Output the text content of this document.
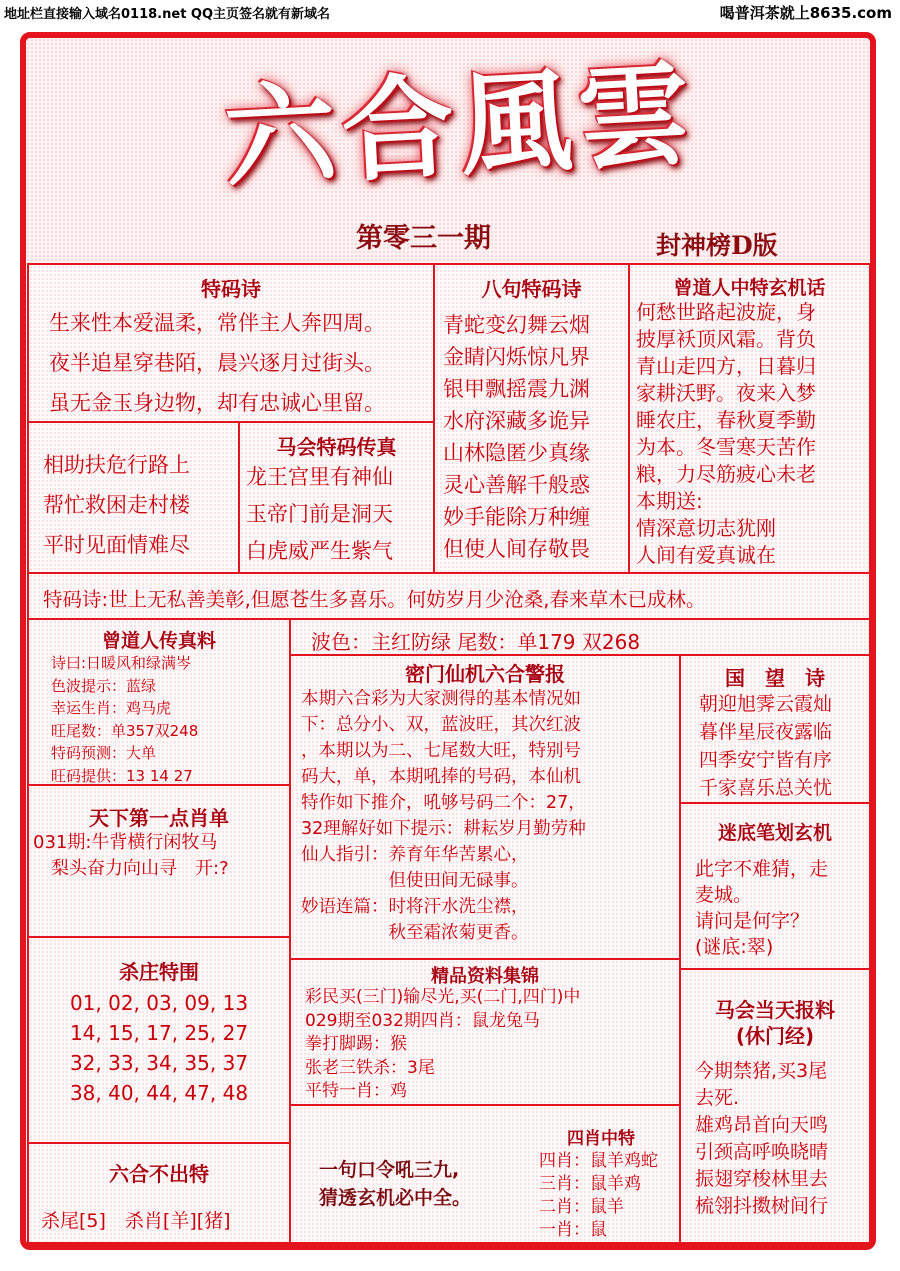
地址栏直接输入域名0118.net QQ主页签名就有新域名	喝普洱茶就上8635.com
六合風雲
第零三一期	封神榜D版
特码诗

生来性本爱温柔，常伴主人奔四周。

夜半追星穿巷陌，晨兴逐月过街头。

虽无金玉身边物，却有忠诚心里留。

相助扶危行路上

帮忙救困走村楼

平时见面情难尽

马会特码传真

龙王宫里有神仙

玉帝门前是洞天

白虎威严生紫气

八句特码诗

青蛇变幻舞云烟

金睛闪烁惊凡界

银甲飘摇震九渊

水府深藏多诡异

山林隐匿少真缘

灵心善解千般惑

妙手能除万种缠

但使人间存敬畏

曾道人中特玄机话

何愁世路起波旋，身

披厚袄顶风霜。背负

青山走四方，日暮归

家耕沃野。夜来入梦

睡农庄，春秋夏季勤

为本。冬雪寒天苦作

粮，力尽筋疲心未老

本期送:

情深意切志犹刚

人间有爱真诚在

特码诗:世上无私善美彰,但愿苍生多喜乐。何妨岁月少沧桑,春来草木已成林。
曾道人传真料

诗曰:日暖风和绿满岑

色波提示：蓝绿

幸运生肖：鸡马虎

旺尾数：单357双248

特码预测：大单

旺码提供：13 14 27

波色：主红防绿 尾数：单179 双268
密门仙机六合警报

本期六合彩为大家测得的基本情况如

下：总分小、双，蓝波旺，其次红波

，本期以为二、七尾数大旺，特别号

码大，单，本期吼捧的号码，本仙机

特作如下推介，吼够号码二个：27，

32理解好如下提示：耕耘岁月勤劳种

仙人指引：养育年华苦累心，

　　　　　但使田间无碌事。

妙语连篇：时将汗水洗尘襟，

　　　　　秋至霜浓菊更香。

国　望　诗

朝迎旭霁云霞灿

暮伴星辰夜露临

四季安宁皆有序

千家喜乐总关忧

天下第一点肖单

031期:牛背横行闲牧马

　梨头奋力向山寻　开:?

迷底笔划玄机

此字不难猜，走

麦城。

请问是何字？

(谜底:翠)

杀庄特围

01, 02, 03, 09, 13

14, 15, 17, 25, 27

32, 33, 34, 35, 37

38, 40, 44, 47, 48

精品资料集锦

彩民买(三门)输尽光,买(二门,四门)中

029期至032期四肖：鼠龙兔马

拳打脚踢：猴

张老三铁杀：3尾

平特一肖：鸡

马会当天报料
(休门经)

今期禁猪,买3尾

去死.

雄鸡昂首向天鸣

引颈高呼唤晓晴

振翅穿梭林里去

梳翎抖擞树间行

六合不出特
杀尾[5]　杀肖[羊][猪]

一句口令吼三九,

猜透玄机必中全。

四肖中特

四肖：鼠羊鸡蛇

三肖：鼠羊鸡

二肖：鼠羊

一肖：鼠
